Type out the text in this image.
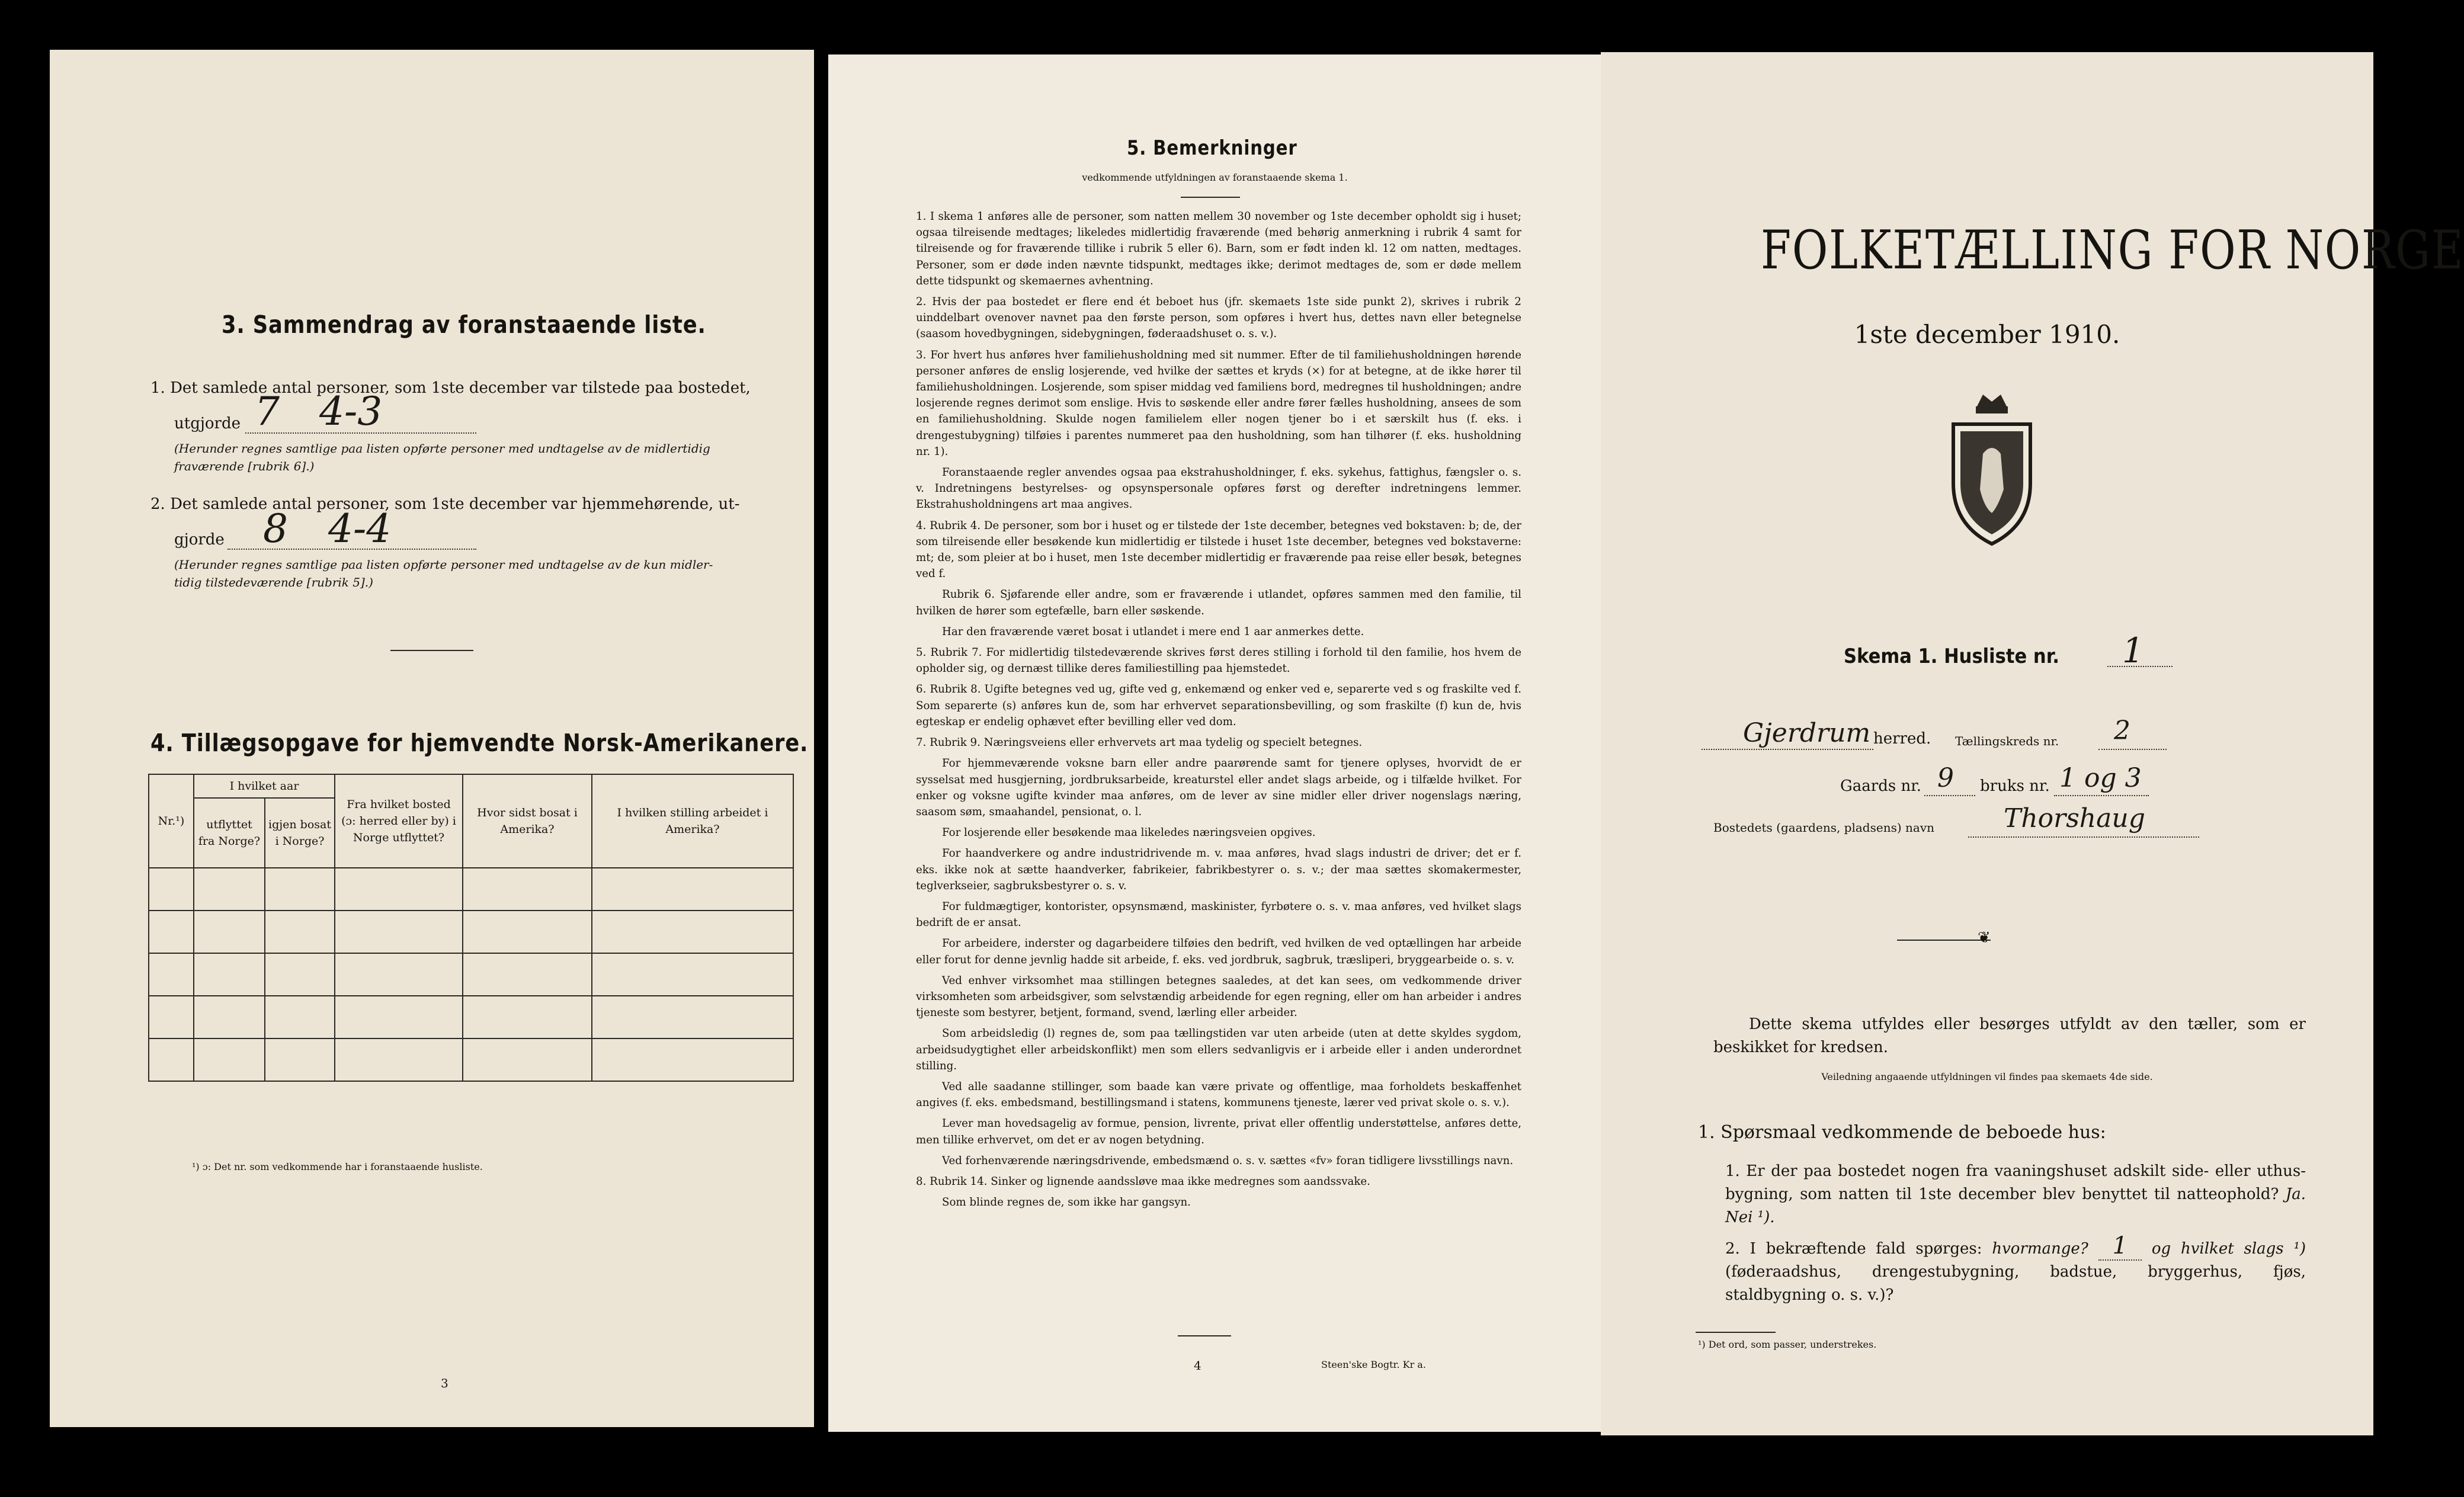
3. Sammendrag av foranstaaende liste.
1. Det samlede antal personer, som 1ste december var tilstede paa bostedet,
utgjorde 7 4-3
(Herunder regnes samtlige paa listen opførte personer med undtagelse av de midlertidig
fraværende [rubrik 6].)
2. Det samlede antal personer, som 1ste december var hjemmehørende, ut-
gjorde 8 4-4
(Herunder regnes samtlige paa listen opførte personer med undtagelse av de kun midler-
tidig tilstedeværende [rubrik 5].)
4. Tillægsopgave for hjemvendte Norsk-Amerikanere.
Nr.¹)	I hvilket aar		Fra hvilket bosted (ɔ: herred eller by) i Norge utflyttet?	Hvor sidst bosat i Amerika?	I hvilken stilling arbeidet i Amerika?
	utflyttet fra Norge?	igjen bosat i Norge?			

¹) ɔ: Det nr. som vedkommende har i foranstaaende husliste.
3
5. Bemerkninger
vedkommende utfyldningen av foranstaaende skema 1.

1. I skema 1 anføres alle de personer, som natten mellem 30 november og 1ste december opholdt sig i huset; ogsaa tilreisende medtages; likeledes midlertidig fraværende (med behørig anmerkning i rubrik 4 samt for tilreisende og for fraværende tillike i rubrik 5 eller 6). Barn, som er født inden kl. 12 om natten, medtages. Personer, som er døde inden nævnte tidspunkt, medtages ikke; derimot medtages de, som er døde mellem dette tidspunkt og skemaernes avhentning.

2. Hvis der paa bostedet er flere end ét beboet hus (jfr. skemaets 1ste side punkt 2), skrives i rubrik 2 uinddelbart ovenover navnet paa den første person, som opføres i hvert hus, dettes navn eller betegnelse (saasom hovedbygningen, sidebygningen, føderaadshuset o. s. v.).

3. For hvert hus anføres hver familiehusholdning med sit nummer. Efter de til familiehusholdningen hørende personer anføres de enslig losjerende, ved hvilke der sættes et kryds (×) for at betegne, at de ikke hører til familiehusholdningen. Losjerende, som spiser middag ved familiens bord, medregnes til husholdningen; andre losjerende regnes derimot som enslige. Hvis to søskende eller andre fører fælles husholdning, ansees de som en familiehusholdning. Skulde nogen familielem eller nogen tjener bo i et særskilt hus (f. eks. i drengestubygning) tilføies i parentes nummeret paa den husholdning, som han tilhører (f. eks. husholdning nr. 1).

Foranstaaende regler anvendes ogsaa paa ekstrahusholdninger, f. eks. sykehus, fattighus, fængsler o. s. v. Indretningens bestyrelses- og opsynspersonale opføres først og derefter indretningens lemmer. Ekstrahusholdningens art maa angives.

4. Rubrik 4. De personer, som bor i huset og er tilstede der 1ste december, betegnes ved bokstaven: b; de, der som tilreisende eller besøkende kun midlertidig er tilstede i huset 1ste december, betegnes ved bokstaverne: mt; de, som pleier at bo i huset, men 1ste december midlertidig er fraværende paa reise eller besøk, betegnes ved f.

Rubrik 6. Sjøfarende eller andre, som er fraværende i utlandet, opføres sammen med den familie, til hvilken de hører som egtefælle, barn eller søskende.

Har den fraværende været bosat i utlandet i mere end 1 aar anmerkes dette.

5. Rubrik 7. For midlertidig tilstedeværende skrives først deres stilling i forhold til den familie, hos hvem de opholder sig, og dernæst tillike deres familiestilling paa hjemstedet.

6. Rubrik 8. Ugifte betegnes ved ug, gifte ved g, enkemænd og enker ved e, separerte ved s og fraskilte ved f. Som separerte (s) anføres kun de, som har erhvervet separationsbevilling, og som fraskilte (f) kun de, hvis egteskap er endelig ophævet efter bevilling eller ved dom.

7. Rubrik 9. Næringsveiens eller erhvervets art maa tydelig og specielt betegnes.

For hjemmeværende voksne barn eller andre paarørende samt for tjenere oplyses, hvorvidt de er sysselsat med husgjerning, jordbruksarbeide, kreaturstel eller andet slags arbeide, og i tilfælde hvilket. For enker og voksne ugifte kvinder maa anføres, om de lever av sine midler eller driver nogenslags næring, saasom søm, smaahandel, pensionat, o. l.

For losjerende eller besøkende maa likeledes næringsveien opgives.

For haandverkere og andre industridrivende m. v. maa anføres, hvad slags industri de driver; det er f. eks. ikke nok at sætte haandverker, fabrikeier, fabrikbestyrer o. s. v.; der maa sættes skomakermester, teglverkseier, sagbruksbestyrer o. s. v.

For fuldmægtiger, kontorister, opsynsmænd, maskinister, fyrbøtere o. s. v. maa anføres, ved hvilket slags bedrift de er ansat.

For arbeidere, inderster og dagarbeidere tilføies den bedrift, ved hvilken de ved optællingen har arbeide eller forut for denne jevnlig hadde sit arbeide, f. eks. ved jordbruk, sagbruk, træsliperi, bryggearbeide o. s. v.

Ved enhver virksomhet maa stillingen betegnes saaledes, at det kan sees, om vedkommende driver virksomheten som arbeidsgiver, som selvstændig arbeidende for egen regning, eller om han arbeider i andres tjeneste som bestyrer, betjent, formand, svend, lærling eller arbeider.

Som arbeidsledig (l) regnes de, som paa tællingstiden var uten arbeide (uten at dette skyldes sygdom, arbeidsudygtighet eller arbeidskonflikt) men som ellers sedvanligvis er i arbeide eller i anden underordnet stilling.

Ved alle saadanne stillinger, som baade kan være private og offentlige, maa forholdets beskaffenhet angives (f. eks. embedsmand, bestillingsmand i statens, kommunens tjeneste, lærer ved privat skole o. s. v.).

Lever man hovedsagelig av formue, pension, livrente, privat eller offentlig understøttelse, anføres dette, men tillike erhvervet, om det er av nogen betydning.

Ved forhenværende næringsdrivende, embedsmænd o. s. v. sættes «fv» foran tidligere livsstillings navn.

8. Rubrik 14. Sinker og lignende aandssløve maa ikke medregnes som aandssvake.

Som blinde regnes de, som ikke har gangsyn.

4	Steen'ske Bogtr. Kr a.
FOLKETÆLLING FOR NORGE
1ste december 1910.
Skema 1. Husliste nr. 1
Gjerdrum herred. Tællingskreds nr. 2
Gaards nr. 9 bruks nr. 1 og 3
Bostedets (gaardens, pladsens) navn	Thorshaug
❦
Dette skema utfyldes eller besørges utfyldt av den tæller, som er beskikket for kredsen.
Veiledning angaaende utfyldningen vil findes paa skemaets 4de side.
1. Spørsmaal vedkommende de beboede hus:
1. Er der paa bostedet nogen fra vaaningshuset adskilt side- eller uthus-bygning, som natten til 1ste december blev benyttet til natteophold? Ja. Nei ¹).
2. I bekræftende fald spørges: hvormange? 1 og hvilket slags ¹) (føderaadshus, drengestubygning, badstue, bryggerhus, fjøs, staldbygning o. s. v.)?
¹) Det ord, som passer, understrekes.
